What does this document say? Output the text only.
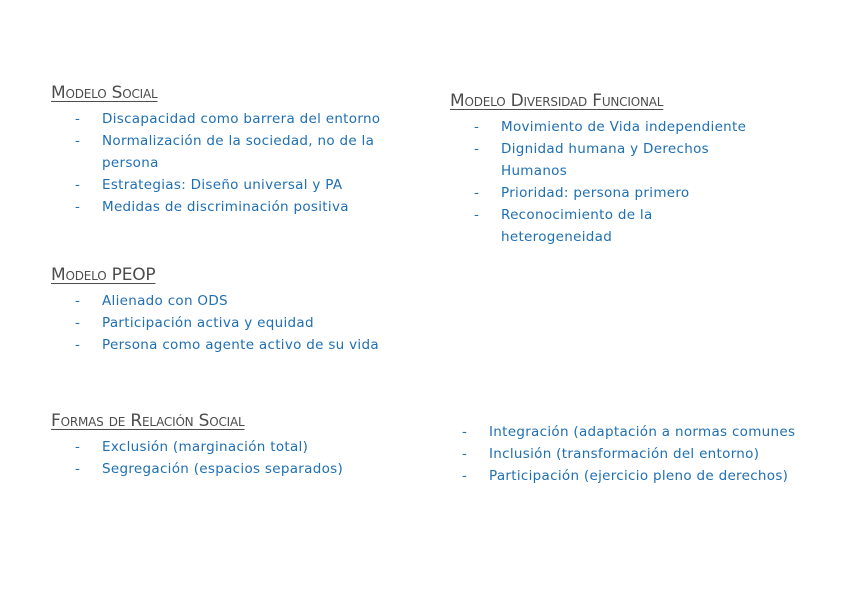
Modelo Social
- Discapacidad como barrera del entorno
- Normalización de la sociedad, no de la persona
- Estrategias: Diseño universal y PA
- Medidas de discriminación positiva
Modelo PEOP
- Alienado con ODS
- Participación activa y equidad
- Persona como agente activo de su vida
Formas de Relación Social
- Exclusión (marginación total)
- Segregación (espacios separados)
Modelo Diversidad Funcional
- Movimiento de Vida independiente
- Dignidad humana y Derechos Humanos
- Prioridad: persona primero
- Reconocimiento de la heterogeneidad
- Integración (adaptación a normas comunes
- Inclusión (transformación del entorno)
- Participación (ejercicio pleno de derechos)
